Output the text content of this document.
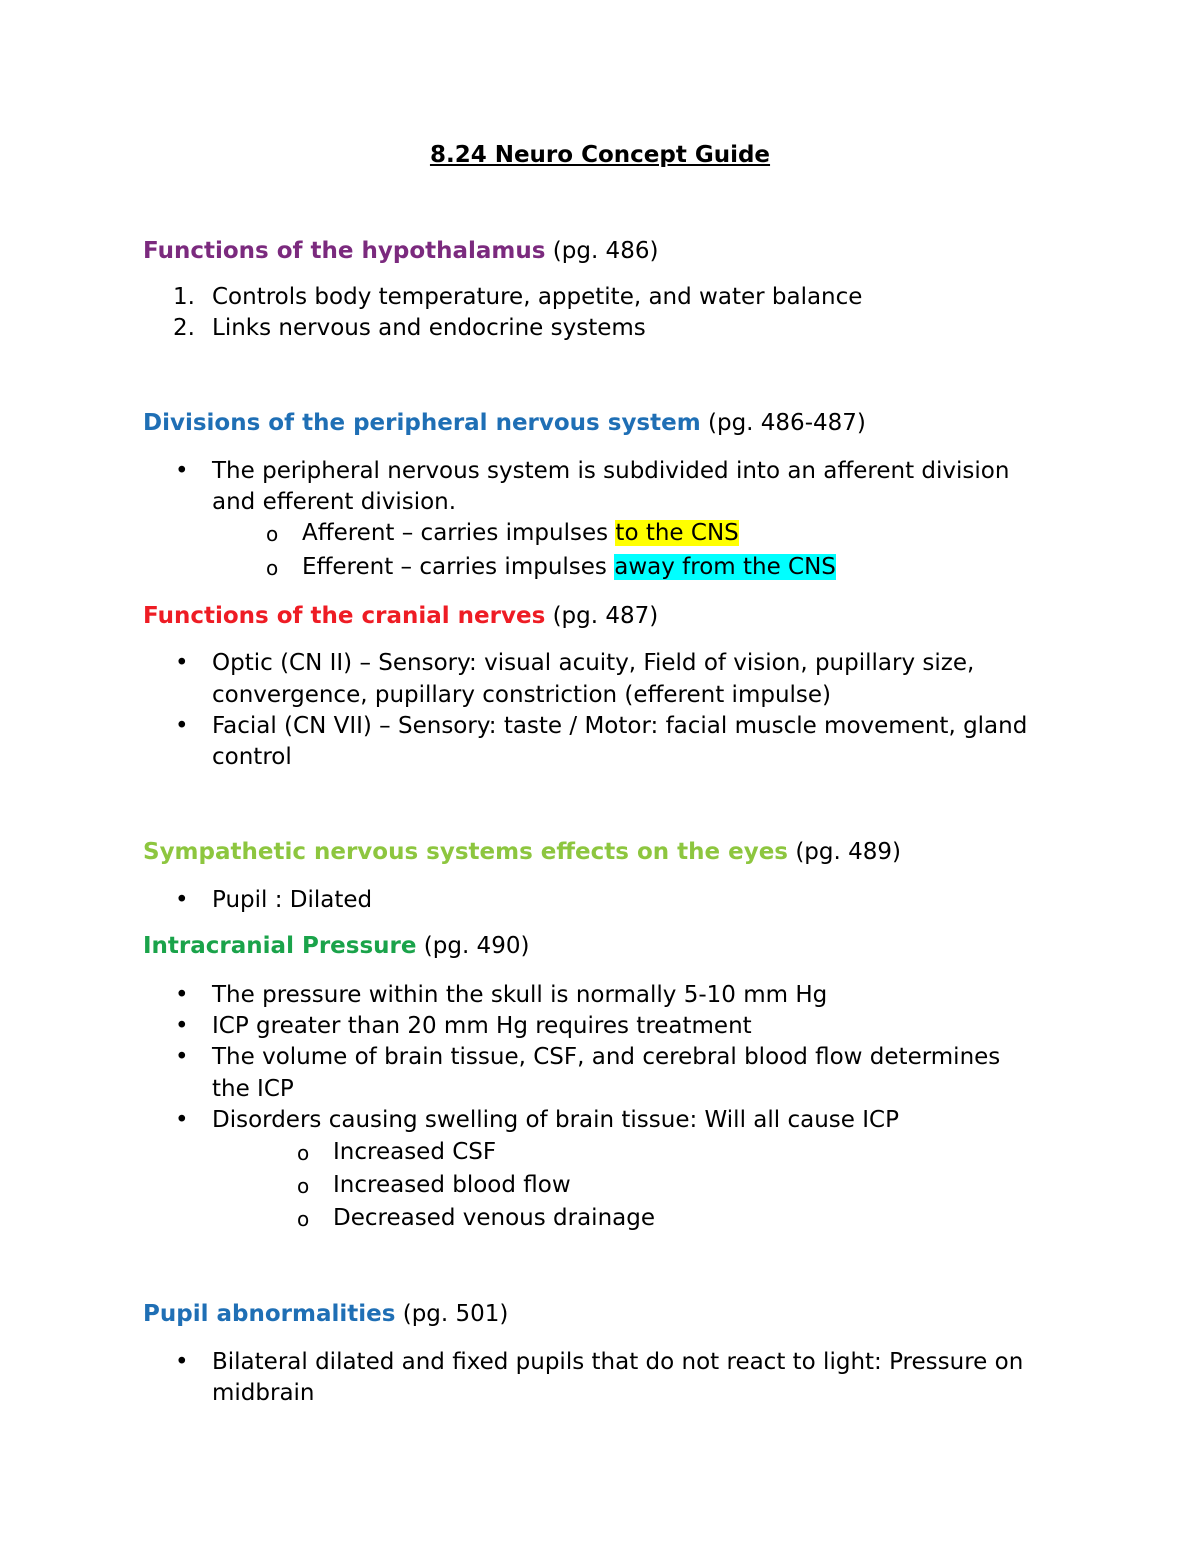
8.24 Neuro Concept Guide
Functions of the hypothalamus (pg. 486)
1. Controls body temperature, appetite, and water balance
2. Links nervous and endocrine systems
Divisions of the peripheral nervous system (pg. 486-487)
•
The peripheral nervous system is subdivided into an afferent division
and efferent division.
o Afferent – carries impulses to the CNS
o Efferent – carries impulses away from the CNS
Functions of the cranial nerves (pg. 487)
•
Optic (CN II) – Sensory: visual acuity, Field of vision, pupillary size,
convergence, pupillary constriction (efferent impulse)
•
Facial (CN VII) – Sensory: taste / Motor: facial muscle movement, gland
control
Sympathetic nervous systems effects on the eyes (pg. 489)
•
Pupil : Dilated
Intracranial Pressure (pg. 490)
•
The pressure within the skull is normally 5-10 mm Hg
•
ICP greater than 20 mm Hg requires treatment
•
The volume of brain tissue, CSF, and cerebral blood flow determines
the ICP
•
Disorders causing swelling of brain tissue: Will all cause ICP
o Increased CSF
o Increased blood flow
o Decreased venous drainage
Pupil abnormalities (pg. 501)
•
Bilateral dilated and fixed pupils that do not react to light: Pressure on
midbrain
